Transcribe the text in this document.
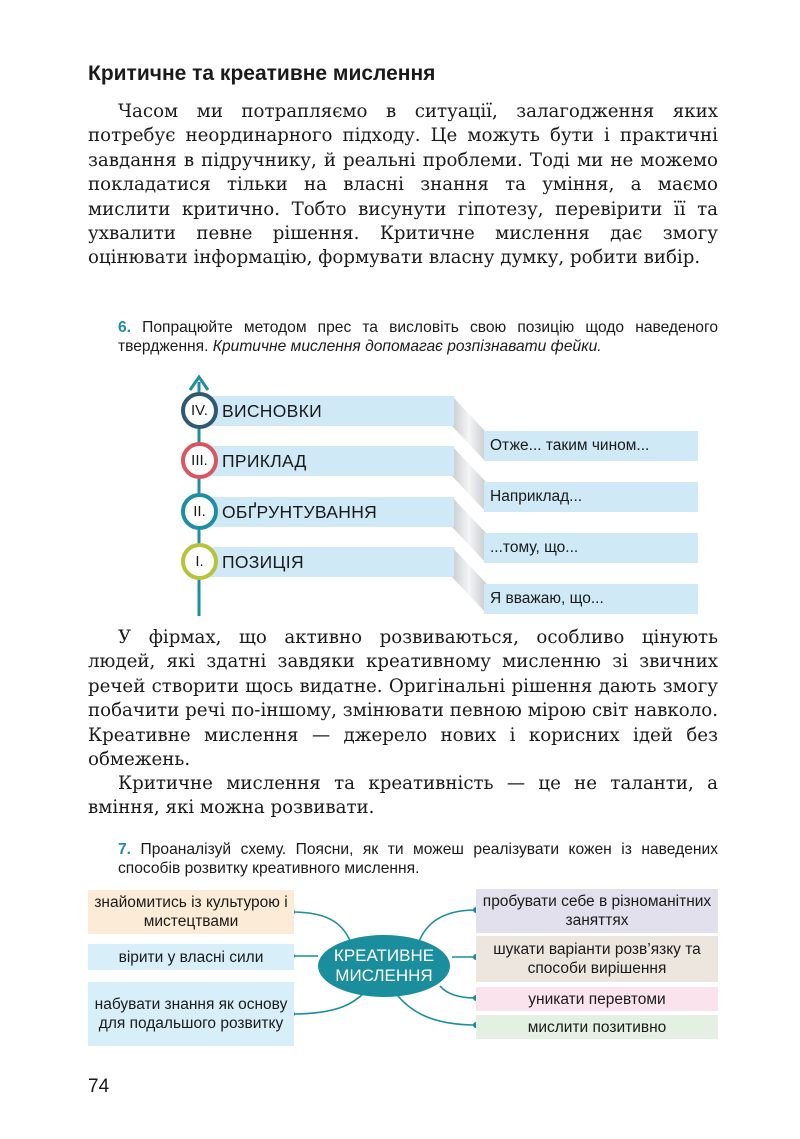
Критичне та креативне мислення
Часом ми потрапляємо в ситуації, залагодження яких потребує неординарного підходу. Це можуть бути і практичні завдання в підручнику, й реальні проблеми. Тоді ми не можемо покладатися тільки на власні знання та уміння, а маємо мислити критично. Тобто висунути гіпотезу, перевірити її та ухвалити певне рішення. Критичне мислення дає змогу оцінювати інформацію, формувати власну думку, робити вибір.
6. Попрацюйте методом прес та висловіть свою позицію щодо наведеного твердження. Критичне мислення допомагає розпізнавати фейки.
IV. ВИСНОВКИ
Отже... таким чином...
III. ПРИКЛАД
Наприклад...
II. ОБҐРУНТУВАННЯ
...тому, що...
I.	ПОЗИЦІЯ
Я вважаю, що...
У фірмах, що активно розвиваються, особливо цінують людей, які здатні завдяки креативному мисленню зі звичних речей створити щось видатне. Оригінальні рішення дають змогу побачити речі по-іншому, змінювати певною мірою світ навколо. Креативне мислення — джерело нових і корисних ідей без обмежень.
Критичне мислення та креативність — це не таланти, а вміння, які можна розвивати.
7. Проаналізуй схему. Поясни, як ти можеш реалізувати кожен із наведених способів розвитку креативного мислення.
знайомитись із культурою і мистецтвами
вірити у власні сили
набувати знання як основу для подальшого розвитку
КРЕАТИВНЕ МИСЛЕННЯ
пробувати себе в різноманітних заняттях
шукати варіанти розв’язку та способи вирішення
уникати перевтоми
мислити позитивно
74
